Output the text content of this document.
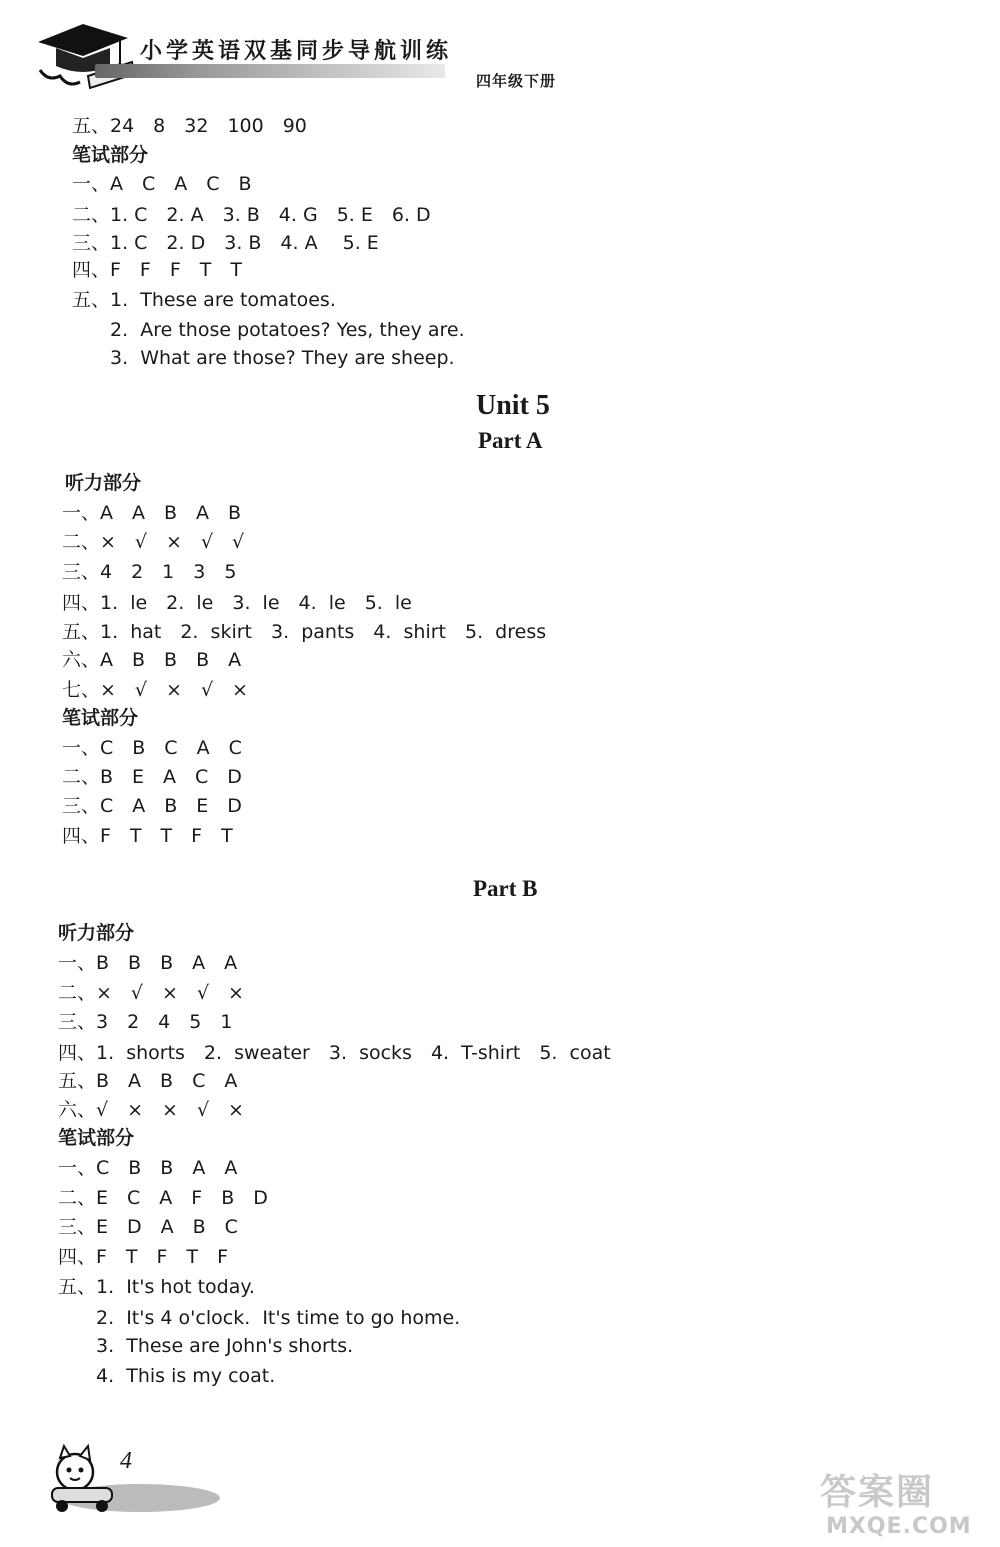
小学英语双基同步导航训练
四年级下册
五、24　8　32　100　90
笔试部分
一、A　C　A　C　B
二、1. C　2. A　3. B　4. G　5. E　6. D
三、1. C　2. D　3. B　4. A　 5. E
四、F　F　F　T　T
五、1.  These are tomatoes.
　　2.  Are those potatoes? Yes, they are.
　　3.  What are those? They are sheep.
Unit 5
Part A
听力部分
一、A　A　B　A　B
二、×　√　×　√　√
三、4　2　1　3　5
四、1.  le　2.  le　3.  le　4.  le　5.  le
五、1.  hat　2.  skirt　3.  pants　4.  shirt　5.  dress
六、A　B　B　B　A
七、×　√　×　√　×
笔试部分
一、C　B　C　A　C
二、B　E　A　C　D
三、C　A　B　E　D
四、F　T　T　F　T
Part B
听力部分
一、B　B　B　A　A
二、×　√　×　√　×
三、3　2　4　5　1
四、1.  shorts　2.  sweater　3.  socks　4.  T-shirt　5.  coat
五、B　A　B　C　A
六、√　×　×　√　×
笔试部分
一、C　B　B　A　A
二、E　C　A　F　B　D
三、E　D　A　B　C
四、F　T　F　T　F
五、1.  It's hot today.
　　2.  It's 4 o'clock.  It's time to go home.
　　3.  These are John's shorts.
　　4.  This is my coat.
4
答案圈
MXQE.COM
